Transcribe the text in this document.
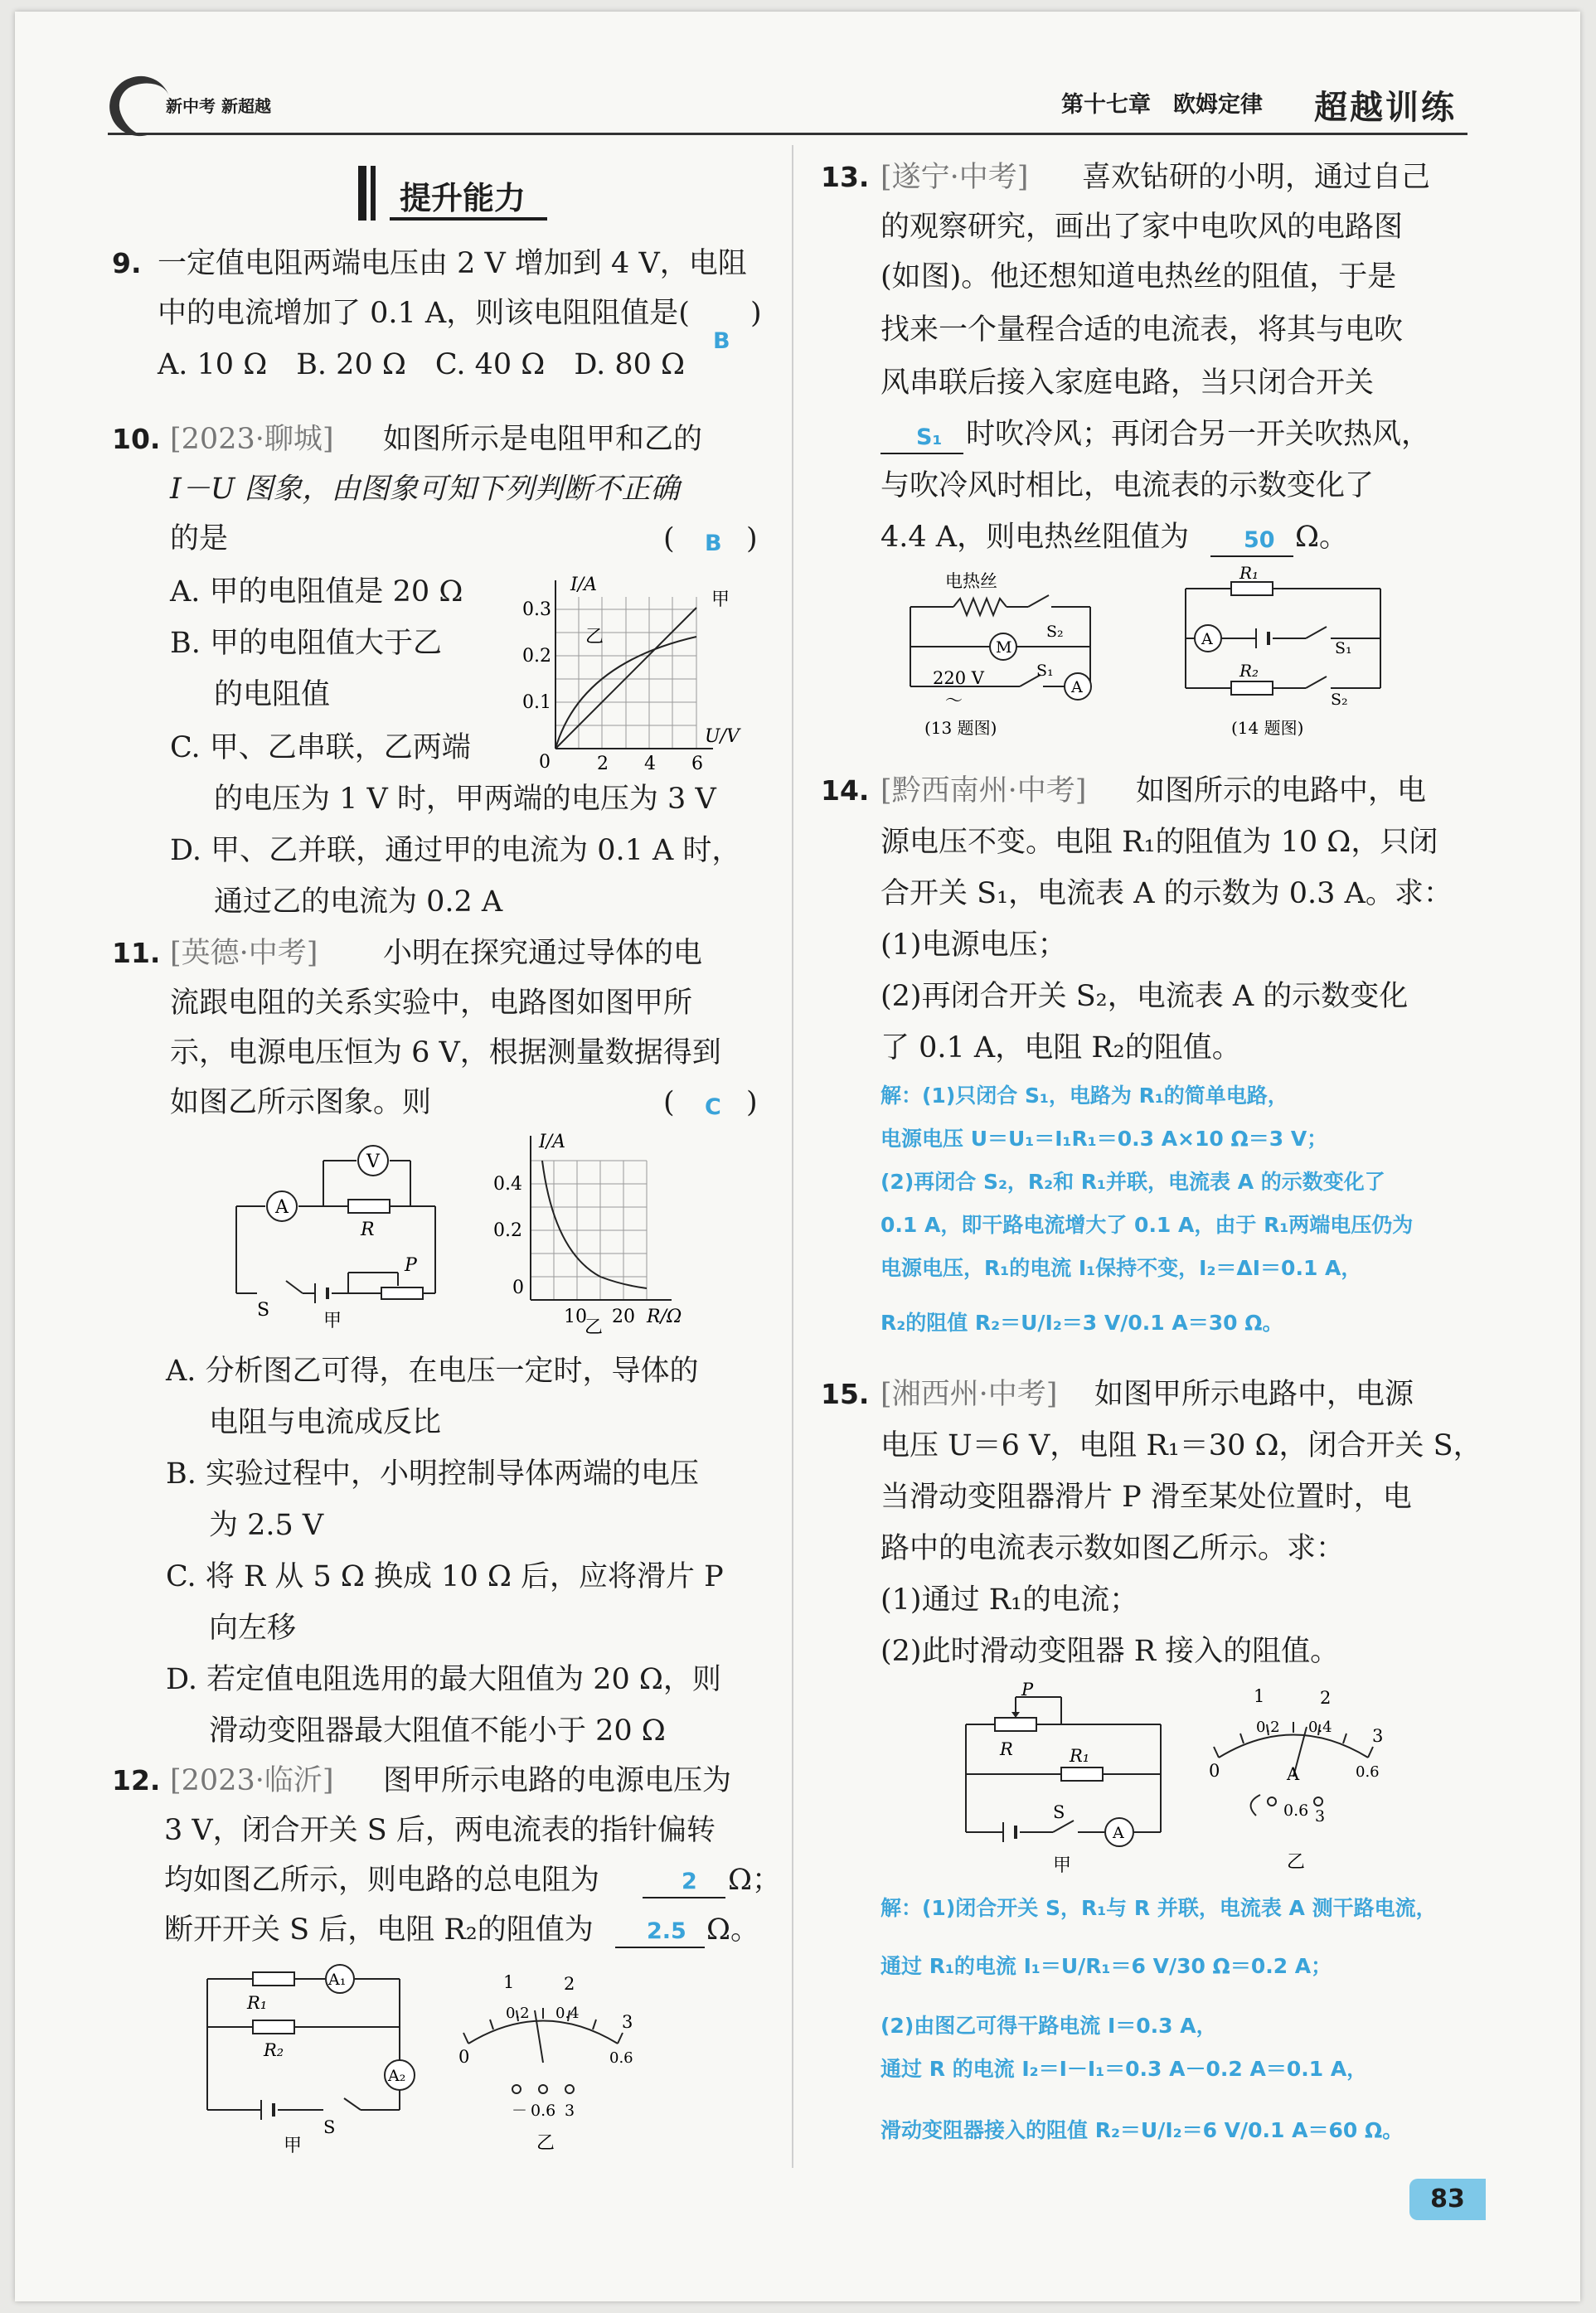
新中考 新超越	第十七章　欧姆定律 超越训练
提升能力
9. 一定值电阻两端电压由 2 V 增加到 4 V，电阻
中的电流增加了 0.1 A，则该电阻阻值是(
B
)
A. 10 Ω　B. 20 Ω　C. 40 Ω　D. 80 Ω
10. [2023·聊城] 如图所示是电阻甲和乙的
I－U 图象，由图象可知下列判断不正确
的是	( B )
A. 甲的电阻值是 20 Ω
B. 甲的电阻值大于乙
的电阻值
C. 甲、乙串联，乙两端
的电压为 1 V 时，甲两端的电压为 3 V
D. 甲、乙并联，通过甲的电流为 0.1 A 时，
通过乙的电流为 0.2 A
I/A
U/V
甲
乙
0
0.3
0.2
0.1
2 4 6
11. [英德·中考] 小明在探究通过导体的电
流跟电阻的关系实验中，电路图如图甲所
示，电源电压恒为 6 V，根据测量数据得到
如图乙所示图象。则	( C )
A
V
R
P
S
甲
I/A
R/Ω
0.4
0.2
0
10 20
乙
A. 分析图乙可得，在电压一定时，导体的
电阻与电流成反比
B. 实验过程中，小明控制导体两端的电压
为 2.5 V
C. 将 R 从 5 Ω 换成 10 Ω 后，应将滑片 P
向左移
D. 若定值电阻选用的最大阻值为 20 Ω，则
滑动变阻器最大阻值不能小于 20 Ω
12. [2023·临沂] 图甲所示电路的电源电压为
3 V，闭合开关 S 后，两电流表的指针偏转
均如图乙所示，则电路的总电阻为	2 Ω；
断开开关 S 后，电阻 R₂的阻值为 2.5 Ω。
R₁
A₁
R₂
A₂
S
甲
1	2
3
0
0.2 0.4
0.6
－ 0.6 3
乙
13. [遂宁·中考] 喜欢钻研的小明，通过自己
的观察研究，画出了家中电吹风的电路图
(如图)。他还想知道电热丝的阻值，于是
找来一个量程合适的电流表，将其与电吹
风串联后接入家庭电路，当只闭合开关
S₁ 时吹冷风；再闭合另一开关吹热风，
与吹冷风时相比，电流表的示数变化了
4.4 A，则电热丝阻值为 50 Ω。
电热丝
M
S₂
S₁
A
220 V
～
(13 题图)
R₁
A	S₁
R₂
S₂
(14 题图)
14. [黔西南州·中考] 如图所示的电路中，电
源电压不变。电阻 R₁的阻值为 10 Ω，只闭
合开关 S₁，电流表 A 的示数为 0.3 A。求：
(1)电源电压；
(2)再闭合开关 S₂，电流表 A 的示数变化
了 0.1 A，电阻 R₂的阻值。
解：(1)只闭合 S₁，电路为 R₁的简单电路，
电源电压 U＝U₁＝I₁R₁＝0.3 A×10 Ω＝3 V；
(2)再闭合 S₂，R₂和 R₁并联，电流表 A 的示数变化了
0.1 A，即干路电流增大了 0.1 A，由于 R₁两端电压仍为
电源电压，R₁的电流 I₁保持不变，I₂＝ΔI＝0.1 A，
R₂的阻值 R₂＝U/I₂＝3 V/0.1 A＝30 Ω。
15. [湘西州·中考] 如图甲所示电路中，电源
电压 U＝6 V，电阻 R₁＝30 Ω，闭合开关 S，
当滑动变阻器滑片 P 滑至某处位置时，电
路中的电流表示数如图乙所示。求：
(1)通过 R₁的电流；
(2)此时滑动变阻器 R 接入的阻值。
P
R	R₁
S
A
甲
1	2
3
0
0.2 0.4
0.6
A
0.6 3
乙
解：(1)闭合开关 S，R₁与 R 并联，电流表 A 测干路电流，
通过 R₁的电流 I₁＝U/R₁＝6 V/30 Ω＝0.2 A；
(2)由图乙可得干路电流 I＝0.3 A，
通过 R 的电流 I₂＝I－I₁＝0.3 A－0.2 A＝0.1 A，
滑动变阻器接入的阻值 R₂＝U/I₂＝6 V/0.1 A＝60 Ω。
83
